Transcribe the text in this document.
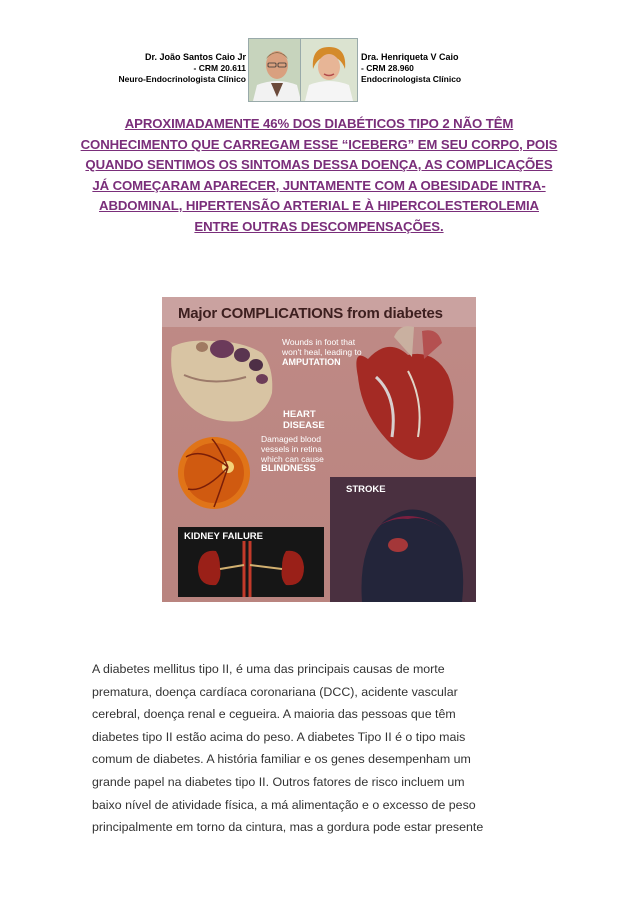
Dr. João Santos Caio Jr
- CRM 20.611
Neuro-Endocrinologista Clínico
Dra. Henriqueta V Caio
- CRM 28.960
Endocrinologista Clínico
APROXIMADAMENTE 46% DOS DIABÉTICOS TIPO 2 NÃO TÊM CONHECIMENTO QUE CARREGAM ESSE “ICEBERG” EM SEU CORPO, POIS QUANDO SENTIMOS OS SINTOMAS DESSA DOENÇA, AS COMPLICAÇÕES JÁ COMEÇARAM APARECER, JUNTAMENTE COM A OBESIDADE INTRA- ABDOMINAL, HIPERTENSÃO ARTERIAL E À HIPERCOLESTEROLEMIA ENTRE OUTRAS DESCOMPENSAÇÕES.
Major COMPLICATIONS from diabetes
Wounds in foot that won't heal, leading to
AMPUTATION
HEART DISEASE
Damaged blood vessels in retina which can cause
BLINDNESS
STROKE
KIDNEY FAILURE
A diabetes mellitus tipo II, é uma das principais causas de morte
prematura, doença cardíaca coronariana (DCC), acidente vascular
cerebral, doença renal e cegueira. A maioria das pessoas que têm
diabetes tipo II estão acima do peso. A diabetes Tipo II é o tipo mais
comum de diabetes. A história familiar e os genes desempenham um
grande papel na diabetes tipo II. Outros fatores de risco incluem um
baixo nível de atividade física, a má alimentação e o excesso de peso
principalmente em torno da cintura, mas a gordura pode estar presente
